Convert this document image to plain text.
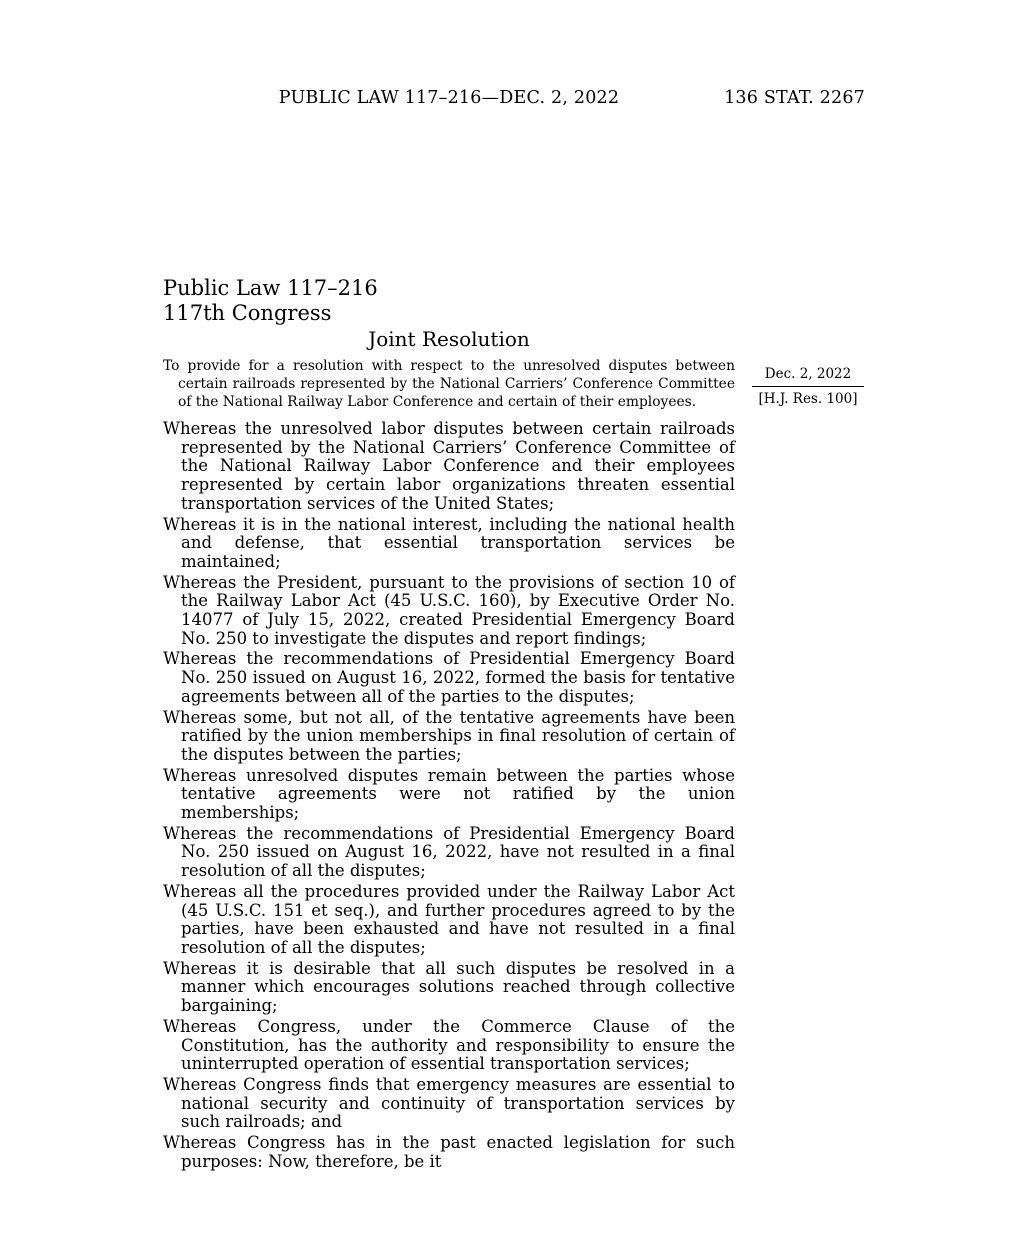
PUBLIC LAW 117–216—DEC. 2, 2022	136 STAT. 2267
Public Law 117–216
117th Congress
Joint Resolution
To provide for a resolution with respect to the unresolved disputes between certain railroads represented by the National Carriers’ Conference Committee of the National Railway Labor Conference and certain of their employees.
Dec. 2, 2022
[H.J. Res. 100]

Whereas the unresolved labor disputes between certain railroads represented by the National Carriers’ Conference Committee of the National Railway Labor Conference and their employees represented by certain labor organizations threaten essential transportation services of the United States;

Whereas it is in the national interest, including the national health and defense, that essential transportation services be maintained;

Whereas the President, pursuant to the provisions of section 10 of the Railway Labor Act (45 U.S.C. 160), by Executive Order No. 14077 of July 15, 2022, created Presidential Emergency Board No. 250 to investigate the disputes and report findings;

Whereas the recommendations of Presidential Emergency Board No. 250 issued on August 16, 2022, formed the basis for tentative agreements between all of the parties to the disputes;

Whereas some, but not all, of the tentative agreements have been ratified by the union memberships in final resolution of certain of the disputes between the parties;

Whereas unresolved disputes remain between the parties whose tentative agreements were not ratified by the union memberships;

Whereas the recommendations of Presidential Emergency Board No. 250 issued on August 16, 2022, have not resulted in a final resolution of all the disputes;

Whereas all the procedures provided under the Railway Labor Act (45 U.S.C. 151 et seq.), and further procedures agreed to by the parties, have been exhausted and have not resulted in a final resolution of all the disputes;

Whereas it is desirable that all such disputes be resolved in a manner which encourages solutions reached through collective bargaining;

Whereas Congress, under the Commerce Clause of the Constitution, has the authority and responsibility to ensure the uninterrupted operation of essential transportation services;

Whereas Congress finds that emergency measures are essential to national security and continuity of transportation services by such railroads; and

Whereas Congress has in the past enacted legislation for such purposes: Now, therefore, be it
